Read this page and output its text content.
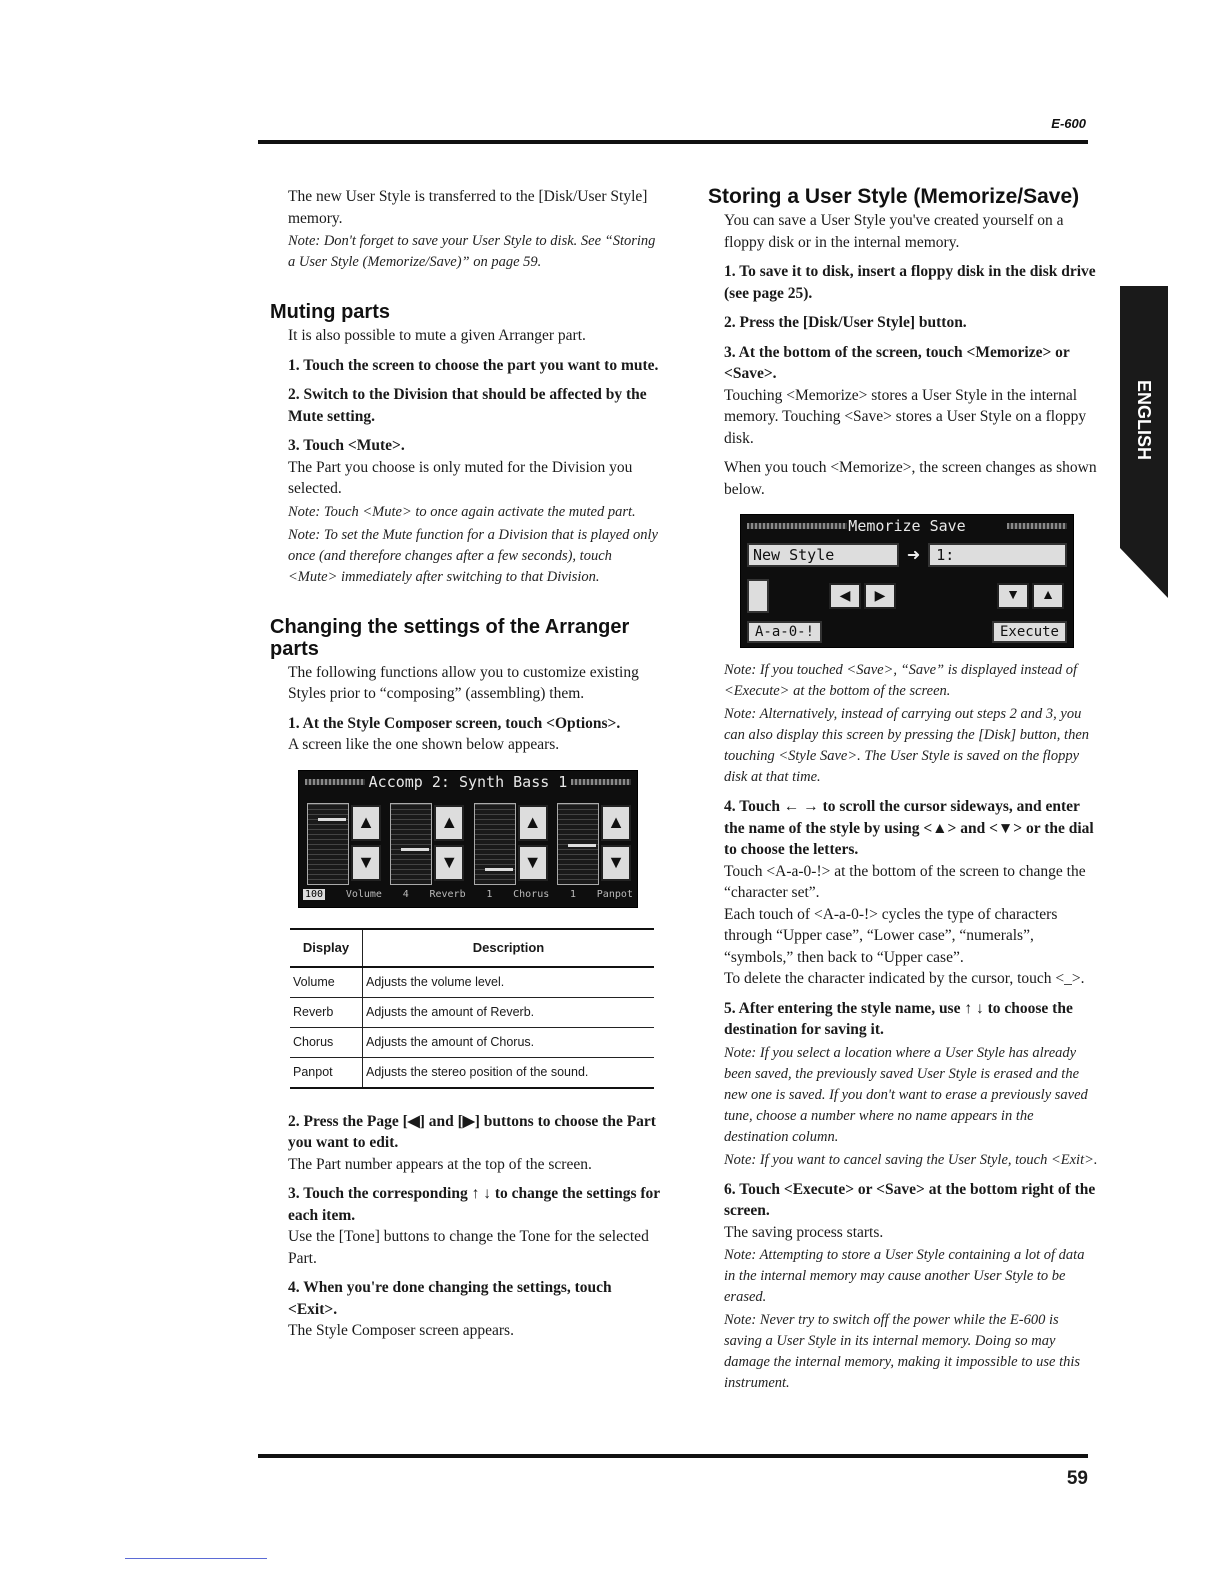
E-600

The new User Style is transferred to the [Disk/User Style] memory.

Note: Don't forget to save your User Style to disk. See “Storing a User Style (Memorize/Save)” on page 59.

Muting parts

It is also possible to mute a given Arranger part.

1. Touch the screen to choose the part you want to mute.

2. Switch to the Division that should be affected by the Mute setting.

3. Touch <Mute>.

The Part you choose is only muted for the Division you selected.

Note: Touch <Mute> to once again activate the muted part.

Note: To set the Mute function for a Division that is played only once (and therefore changes after a few seconds), touch <Mute> immediately after switching to that Division.

Changing the settings of the Arranger parts

The following functions allow you to customize existing Styles prior to “composing” (assembling) them.

1. At the Style Composer screen, touch <Options>.

A screen like the one shown below appears.

Accomp 2: Synth Bass 1
▲
▼
▲
▼
▲
▼
▲
▼
100 Volume 4 Reverb 1 Chorus 1 Panpot
Display	Description
Volume	Adjusts the volume level.
Reverb	Adjusts the amount of Reverb.
Chorus	Adjusts the amount of Chorus.
Panpot	Adjusts the stereo position of the sound.

2. Press the Page [◀] and [▶] buttons to choose the Part you want to edit.

The Part number appears at the top of the screen.

3. Touch the corresponding ↑ ↓ to change the settings for each item.

Use the [Tone] buttons to change the Tone for the selected Part.

4. When you're done changing the settings, touch <Exit>.

The Style Composer screen appears.

Storing a User Style (Memorize/Save)

You can save a User Style you've created yourself on a floppy disk or in the internal memory.

1. To save it to disk, insert a floppy disk in the disk drive (see page 25).

2. Press the [Disk/User Style] button.

3. At the bottom of the screen, touch <Memorize> or <Save>.

Touching <Memorize> stores a User Style in the internal memory. Touching <Save> stores a User Style on a floppy disk.

When you touch <Memorize>, the screen changes as shown below.

Memorize Save
New Style	➜ 1:
◀ ▶	▼ ▲
A-a-0-!	Execute

Note: If you touched <Save>, “Save” is displayed instead of <Execute> at the bottom of the screen.

Note: Alternatively, instead of carrying out steps 2 and 3, you can also display this screen by pressing the [Disk] button, then touching <Style Save>. The User Style is saved on the floppy disk at that time.

4. Touch ← → to scroll the cursor sideways, and enter the name of the style by using <▲> and <▼> or the dial to choose the letters.

Touch <A-a-0-!> at the bottom of the screen to change the “character set”.

Each touch of <A-a-0-!> cycles the type of characters through “Upper case”, “Lower case”, “numerals”, “symbols,” then back to “Upper case”.

To delete the character indicated by the cursor, touch <_>.

5. After entering the style name, use ↑ ↓ to choose the destination for saving it.

Note: If you select a location where a User Style has already been saved, the previously saved User Style is erased and the new one is saved. If you don't want to erase a previously saved tune, choose a number where no name appears in the destination column.

Note: If you want to cancel saving the User Style, touch <Exit>.

6. Touch <Execute> or <Save> at the bottom right of the screen.

The saving process starts.

Note: Attempting to store a User Style containing a lot of data in the internal memory may cause another User Style to be erased.

Note: Never try to switch off the power while the E-600 is saving a User Style in its internal memory. Doing so may damage the internal memory, making it impossible to use this instrument.

ENGLISH
59
